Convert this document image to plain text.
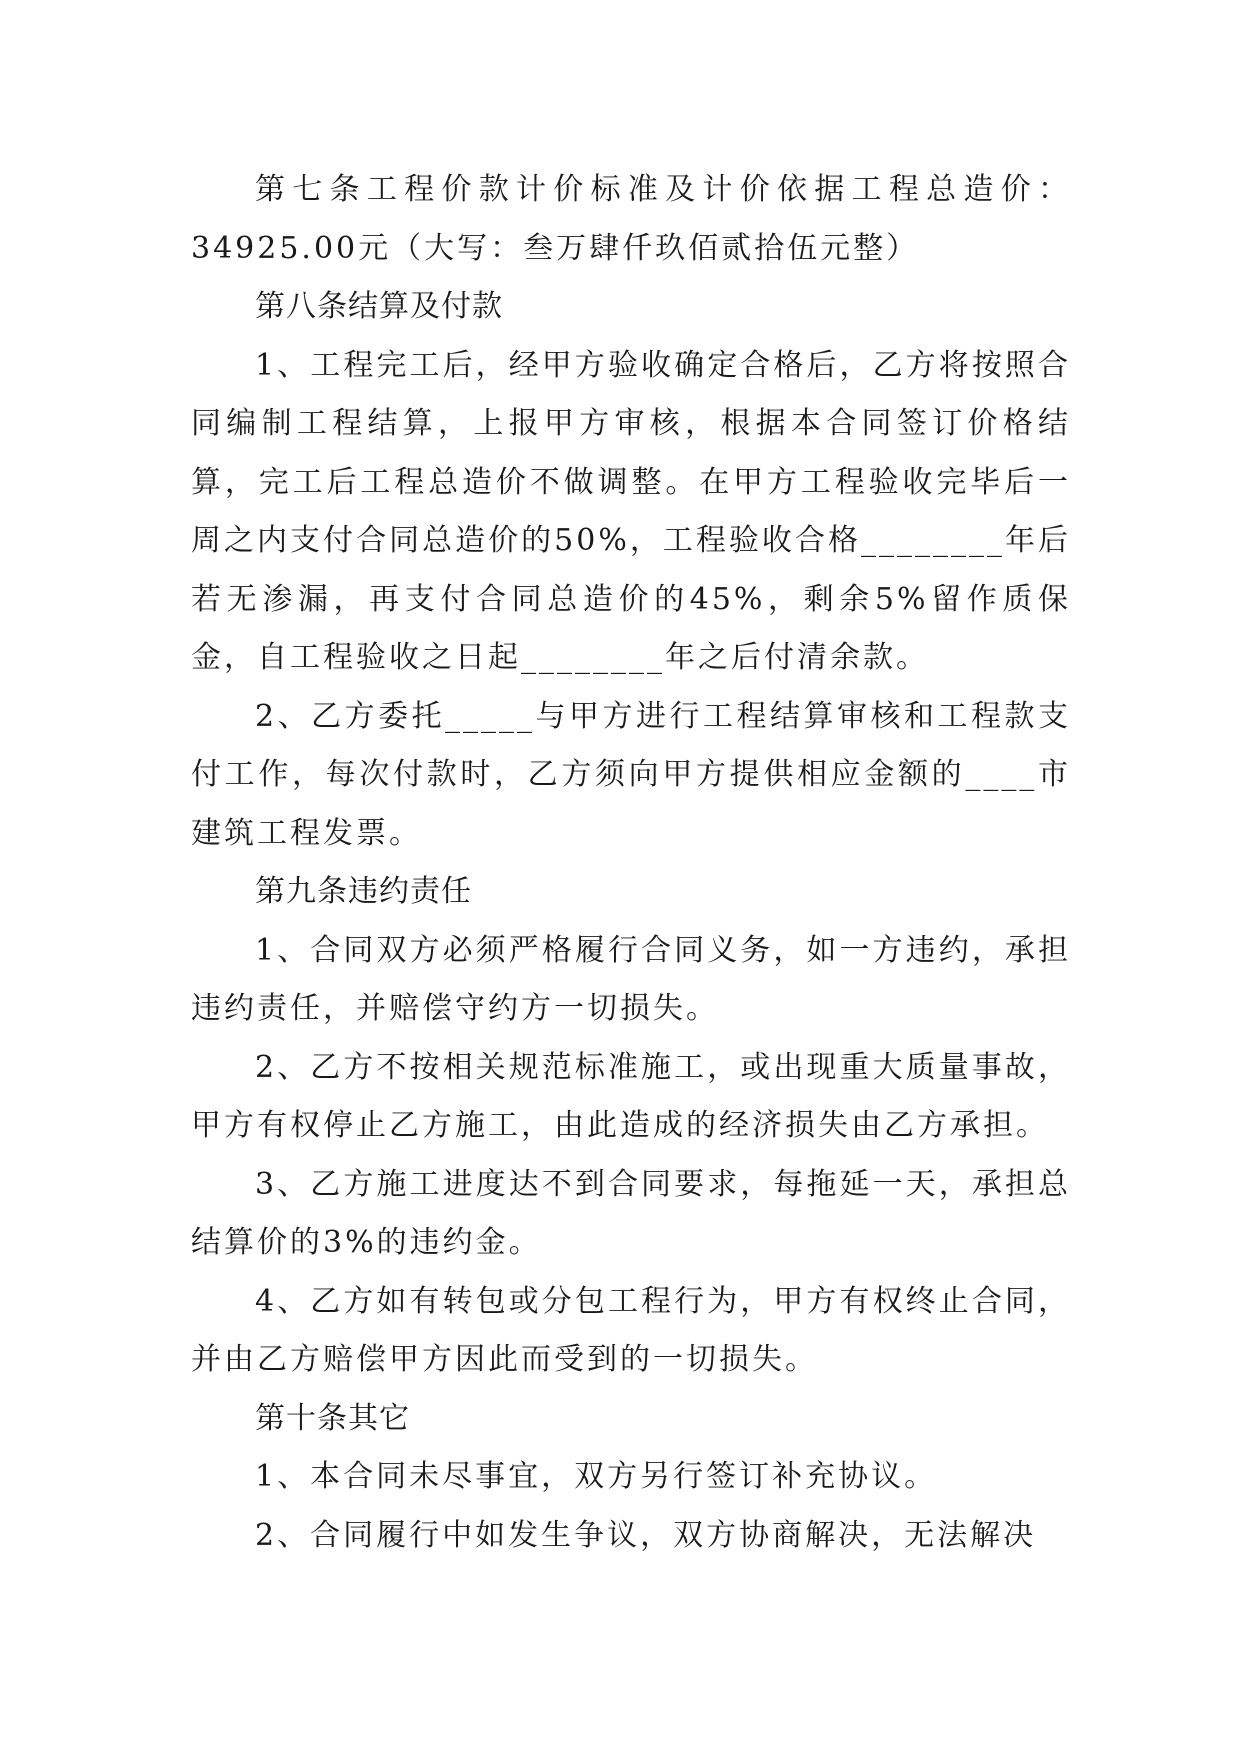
第七条工程价款计价标准及计价依据工程总造价：34925.00元（大写：叁万肆仟玖佰贰拾伍元整）

第八条结算及付款

1、工程完工后，经甲方验收确定合格后，乙方将按照合同编制工程结算，上报甲方审核，根据本合同签订价格结算，完工后工程总造价不做调整。在甲方工程验收完毕后一周之内支付合同总造价的50%，工程验收合格________年后若无渗漏，再支付合同总造价的45%，剩余5%留作质保金，自工程验收之日起________年之后付清余款。

2、乙方委托_____与甲方进行工程结算审核和工程款支付工作，每次付款时，乙方须向甲方提供相应金额的____市建筑工程发票。

第九条违约责任

1、合同双方必须严格履行合同义务，如一方违约，承担违约责任，并赔偿守约方一切损失。

2、乙方不按相关规范标准施工，或出现重大质量事故，甲方有权停止乙方施工，由此造成的经济损失由乙方承担。

3、乙方施工进度达不到合同要求，每拖延一天，承担总结算价的3%的违约金。

4、乙方如有转包或分包工程行为，甲方有权终止合同，并由乙方赔偿甲方因此而受到的一切损失。

第十条其它

1、本合同未尽事宜，双方另行签订补充协议。

2、合同履行中如发生争议，双方协商解决，无法解决
